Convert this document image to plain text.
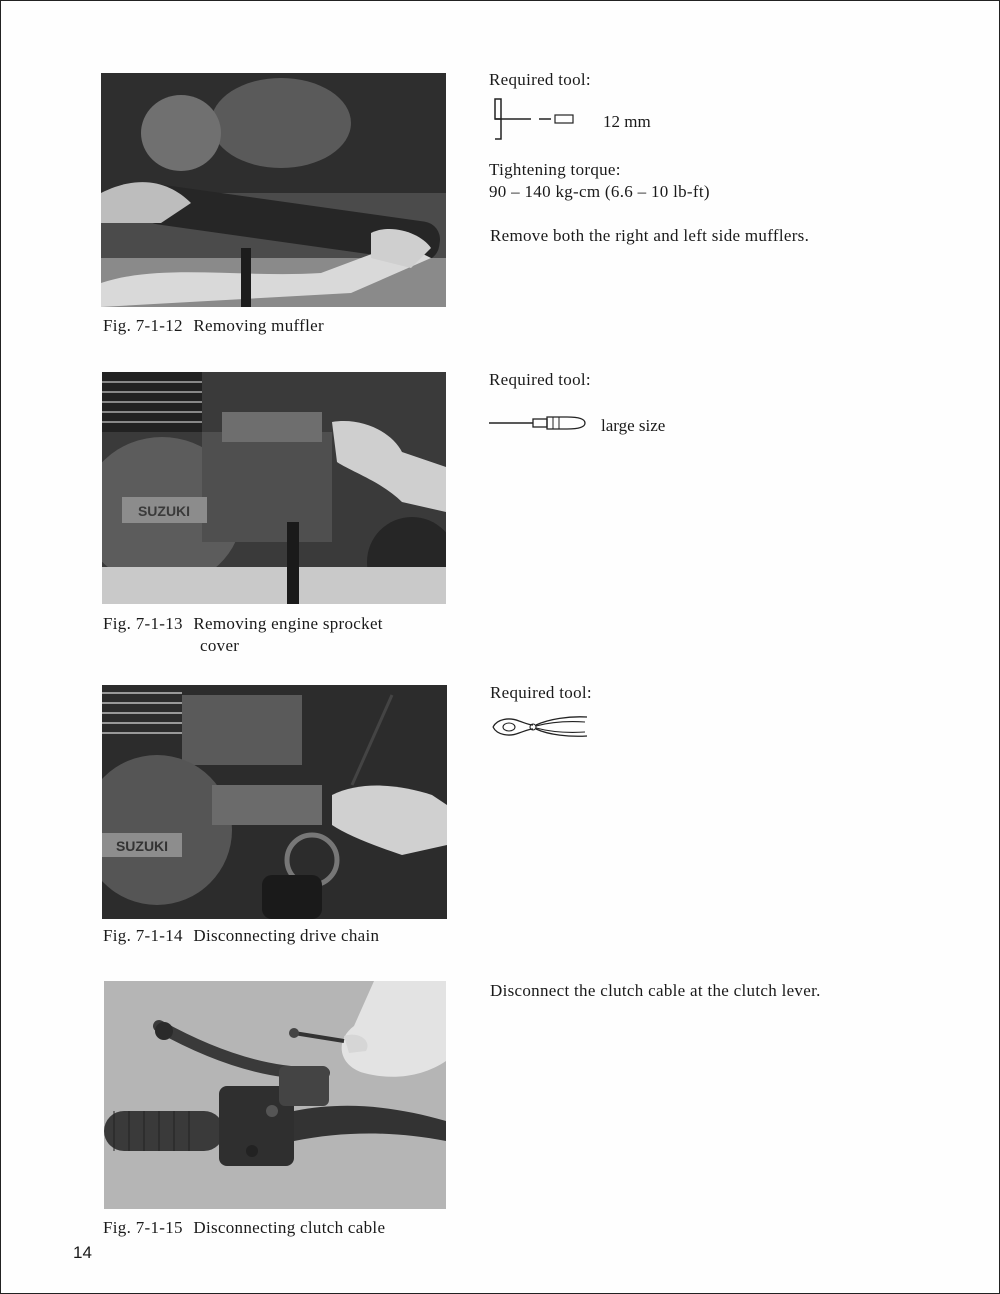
Fig. 7-1-12 Removing muffler
Required tool:
12 mm
Tightening torque:
90 – 140 kg-cm (6.6 – 10 lb-ft)
Remove both the right and left side mufflers.
SUZUKI
Fig. 7-1-13 Removing engine sprocket
cover
Required tool:
large size
SUZUKI
Fig. 7-1-14 Disconnecting drive chain
Required tool:
Fig. 7-1-15 Disconnecting clutch cable
Disconnect the clutch cable at the clutch lever.
14
